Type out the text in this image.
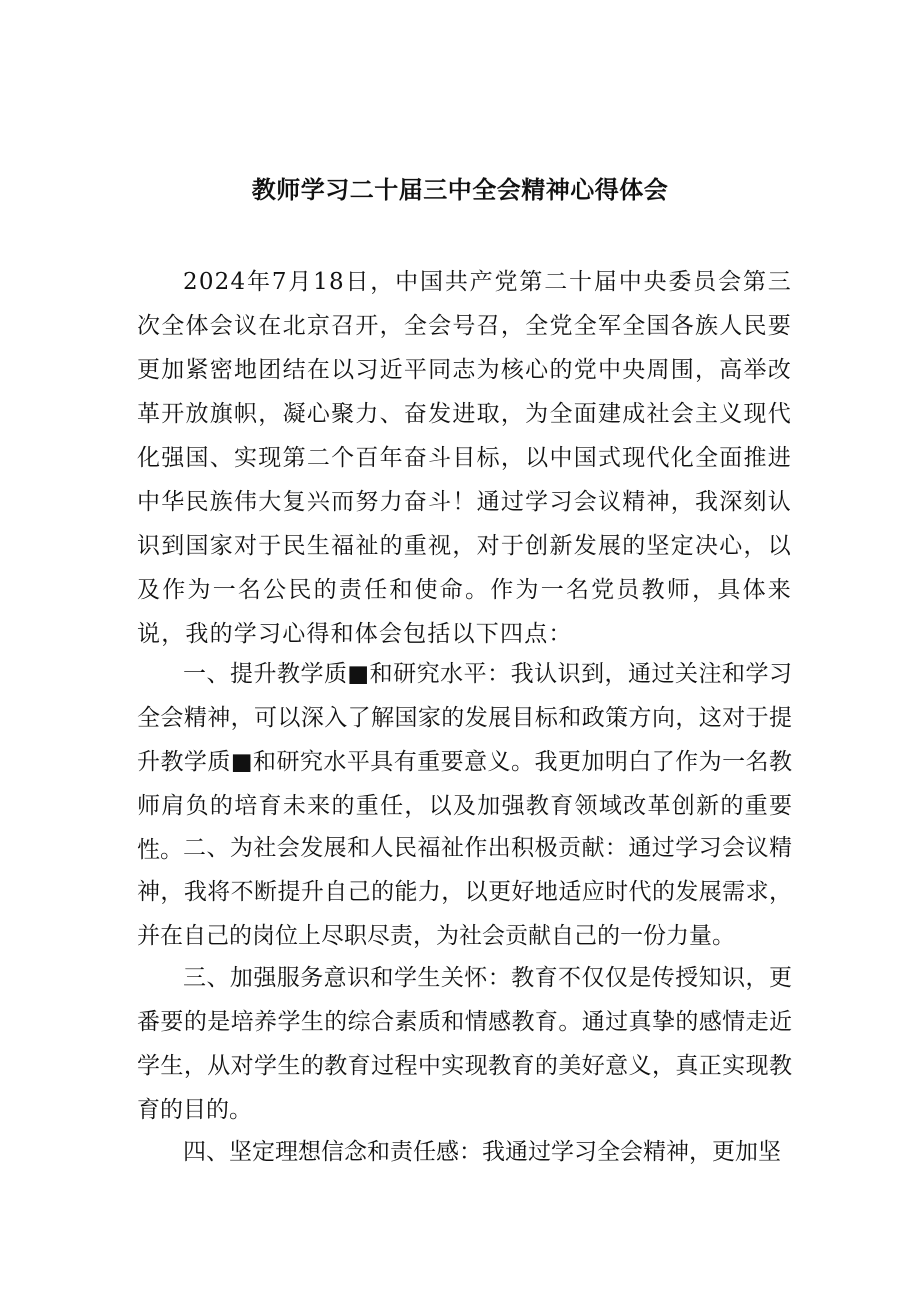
教师学习二十届三中全会精神心得体会

2024年7月18日，中国共产党第二十届中央委员会第三次全体会议在北京召开，全会号召，全党全军全国各族人民要更加紧密地团结在以习近平同志为核心的党中央周围，高举改革开放旗帜，凝心聚力、奋发进取，为全面建成社会主义现代化强国、实现第二个百年奋斗目标，以中国式现代化全面推进中华民族伟大复兴而努力奋斗！通过学习会议精神，我深刻认识到国家对于民生福祉的重视，对于创新发展的坚定决心，以及作为一名公民的责任和使命。作为一名党员教师，具体来说，我的学习心得和体会包括以下四点：

一、提升教学质■和研究水平：我认识到，通过关注和学习全会精神，可以深入了解国家的发展目标和政策方向，这对于提升教学质■和研究水平具有重要意义。我更加明白了作为一名教师肩负的培育未来的重任，以及加强教育领域改革创新的重要性。 二、为社会发展和人民福祉作出积极贡献：通过学习会议精神，我将不断提升自己的能力，以更好地适应时代的发展需求，并在自己的岗位上尽职尽责，为社会贡献自己的一份力量。

三、加强服务意识和学生关怀：教育不仅仅是传授知识，更番要的是培养学生的综合素质和情感教育。通过真挚的感情走近学生，从对学生的教育过程中实现教育的美好意义，真正实现教育的目的。

四、坚定理想信念和责任感：我通过学习全会精神，更加坚
